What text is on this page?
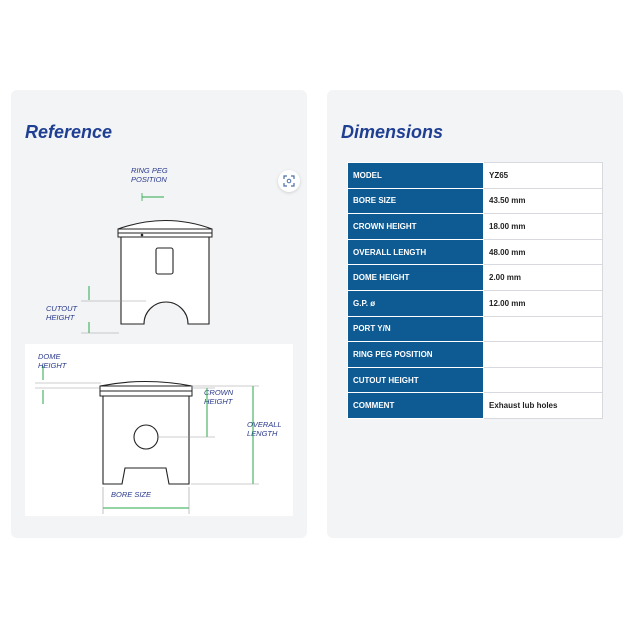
Reference
RING PEG POSITION
CUTOUT HEIGHT
DOME HEIGHT
CROWN HEIGHT
OVERALL LENGTH
BORE SIZE
Dimensions
MODEL	YZ65
BORE SIZE	43.50 mm
CROWN HEIGHT	18.00 mm
OVERALL LENGTH	48.00 mm
DOME HEIGHT	2.00 mm
G.P. ø	12.00 mm
PORT Y/N	
RING PEG POSITION	
CUTOUT HEIGHT	
COMMENT	Exhaust lub holes
